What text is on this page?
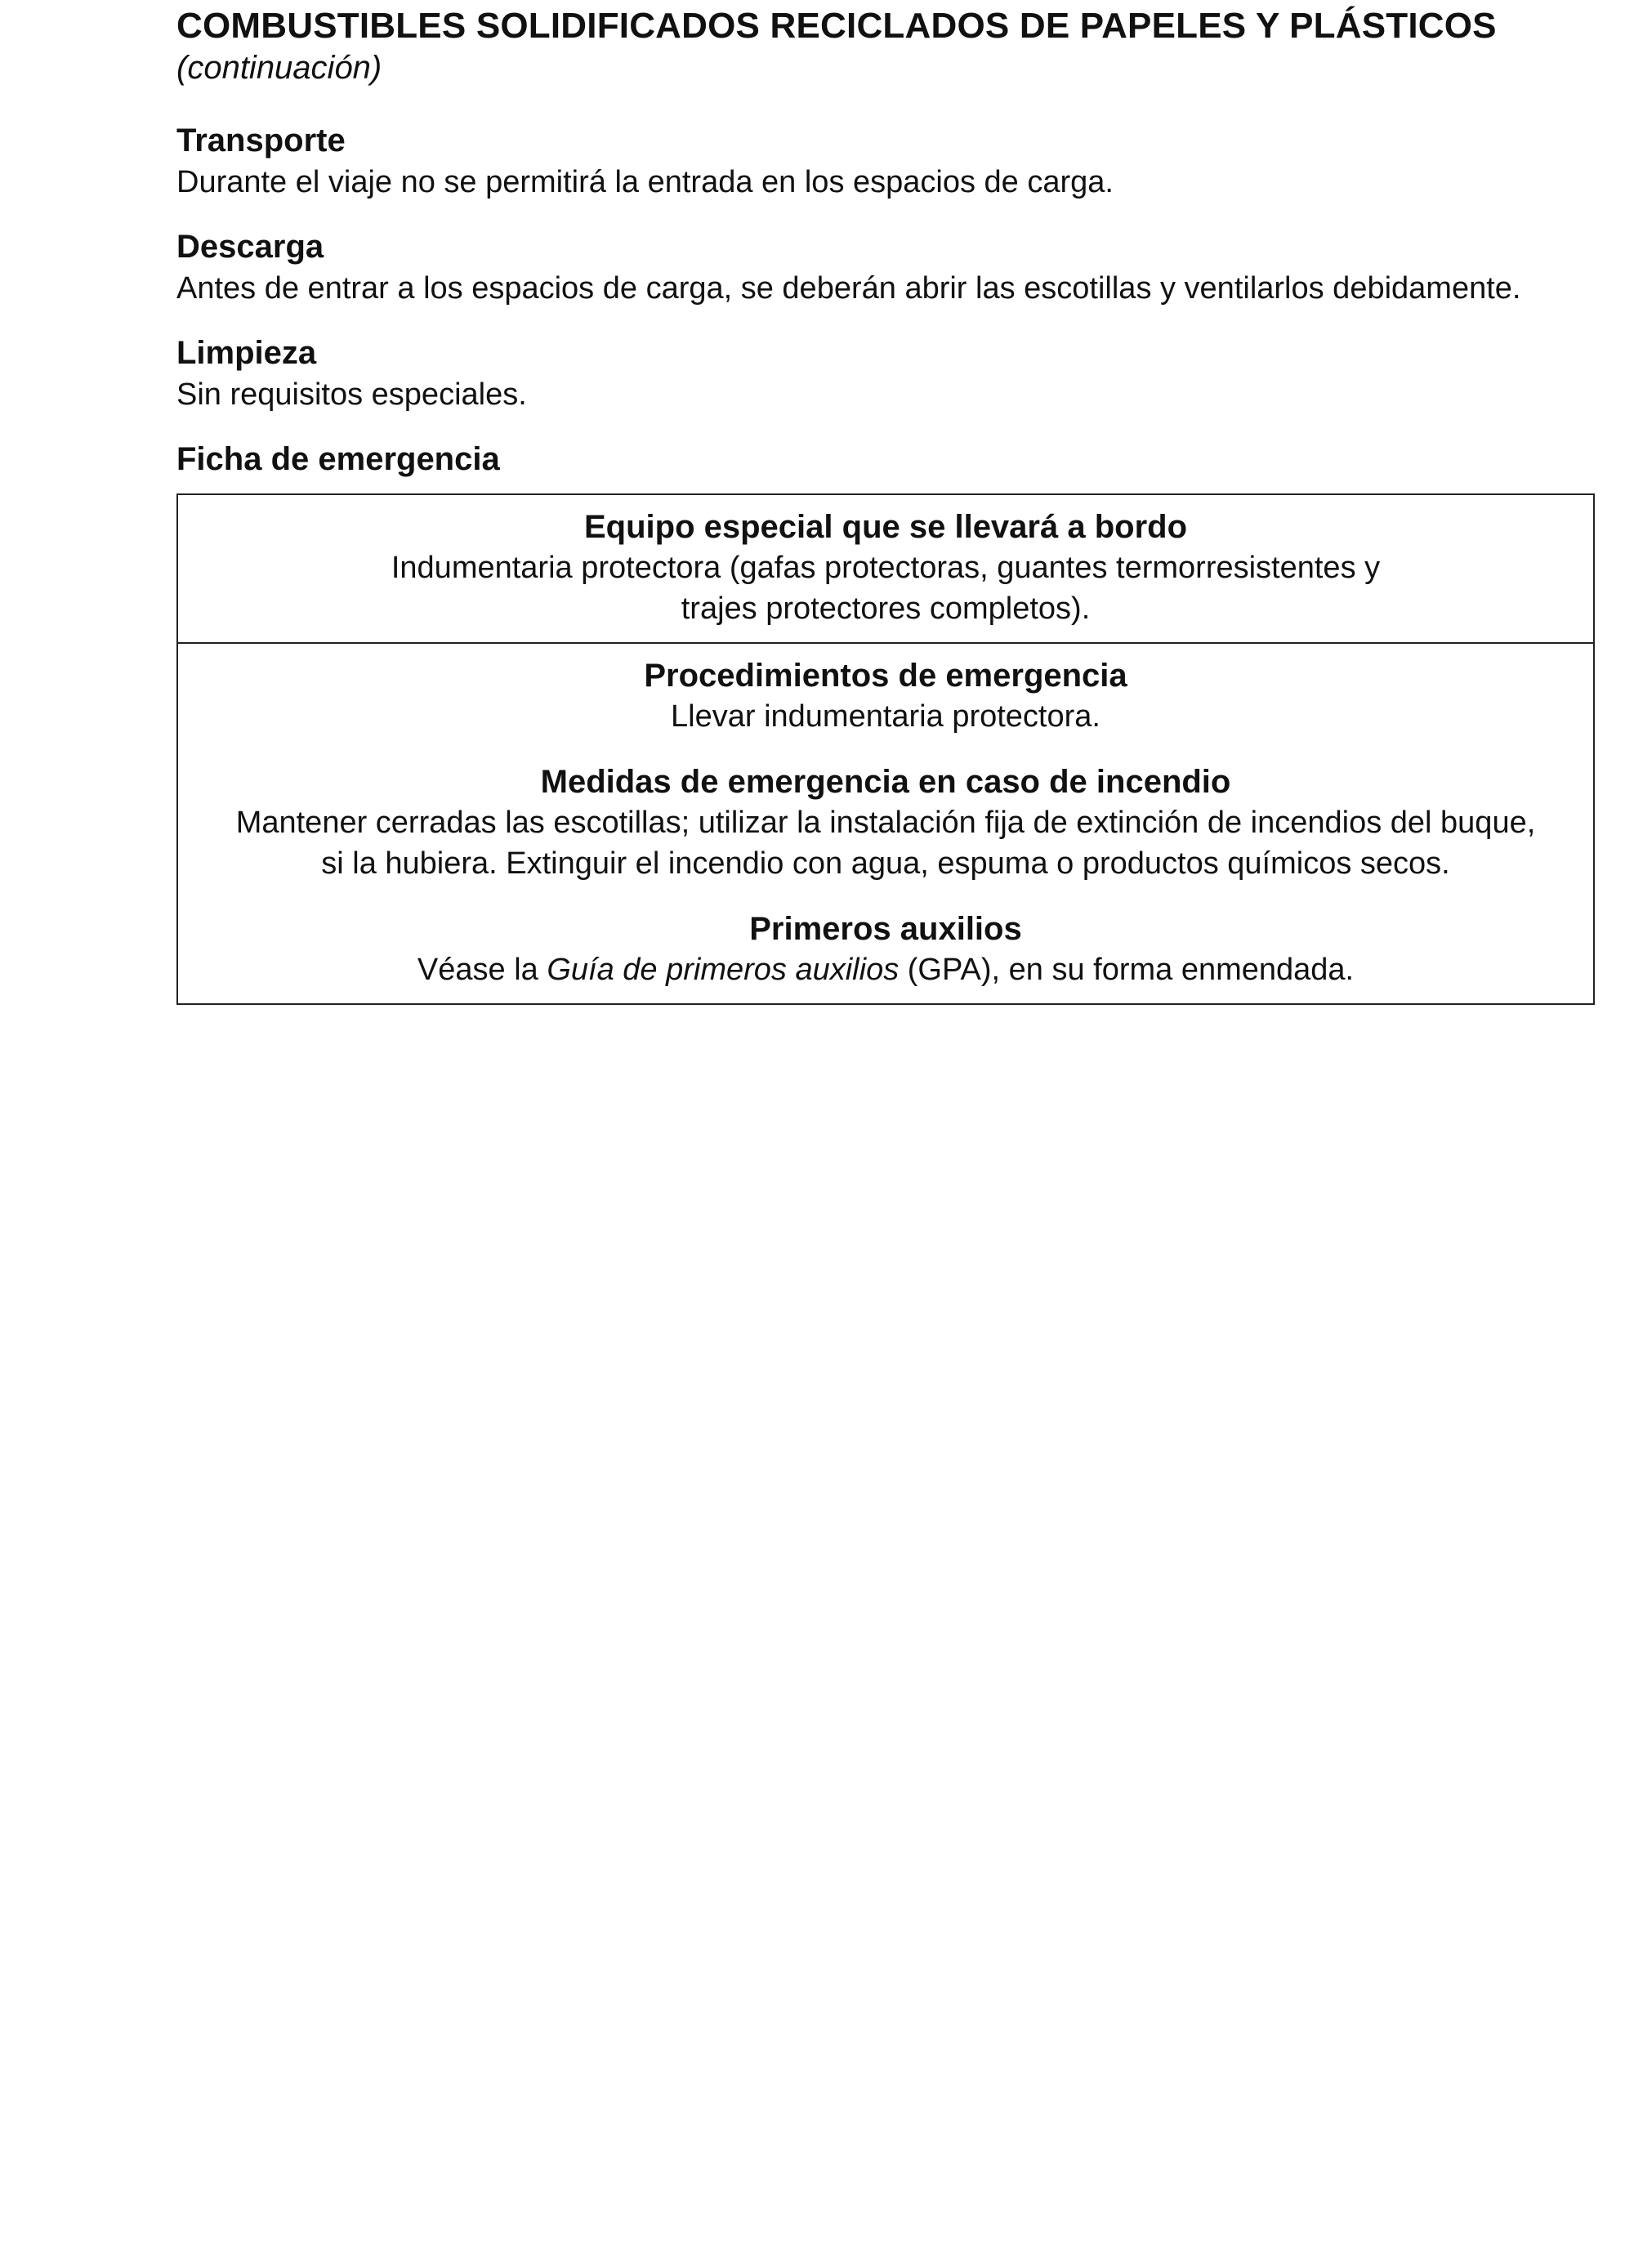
COMBUSTIBLES SOLIDIFICADOS RECICLADOS DE PAPELES Y PLÁSTICOS

(continuación)

Transporte

Durante el viaje no se permitirá la entrada en los espacios de carga.

Descarga

Antes de entrar a los espacios de carga, se deberán abrir las escotillas y ventilarlos debidamente.

Limpieza

Sin requisitos especiales.

Ficha de emergencia
Equipo especial que se llevará a bordo

Indumentaria protectora (gafas protectoras, guantes termorresistentes y
trajes protectores completos).

Procedimientos de emergencia

Llevar indumentaria protectora.

Medidas de emergencia en caso de incendio

Mantener cerradas las escotillas; utilizar la instalación fija de extinción de incendios del buque,
si la hubiera. Extinguir el incendio con agua, espuma o productos químicos secos.

Primeros auxilios

Véase la Guía de primeros auxilios (GPA), en su forma enmendada.
